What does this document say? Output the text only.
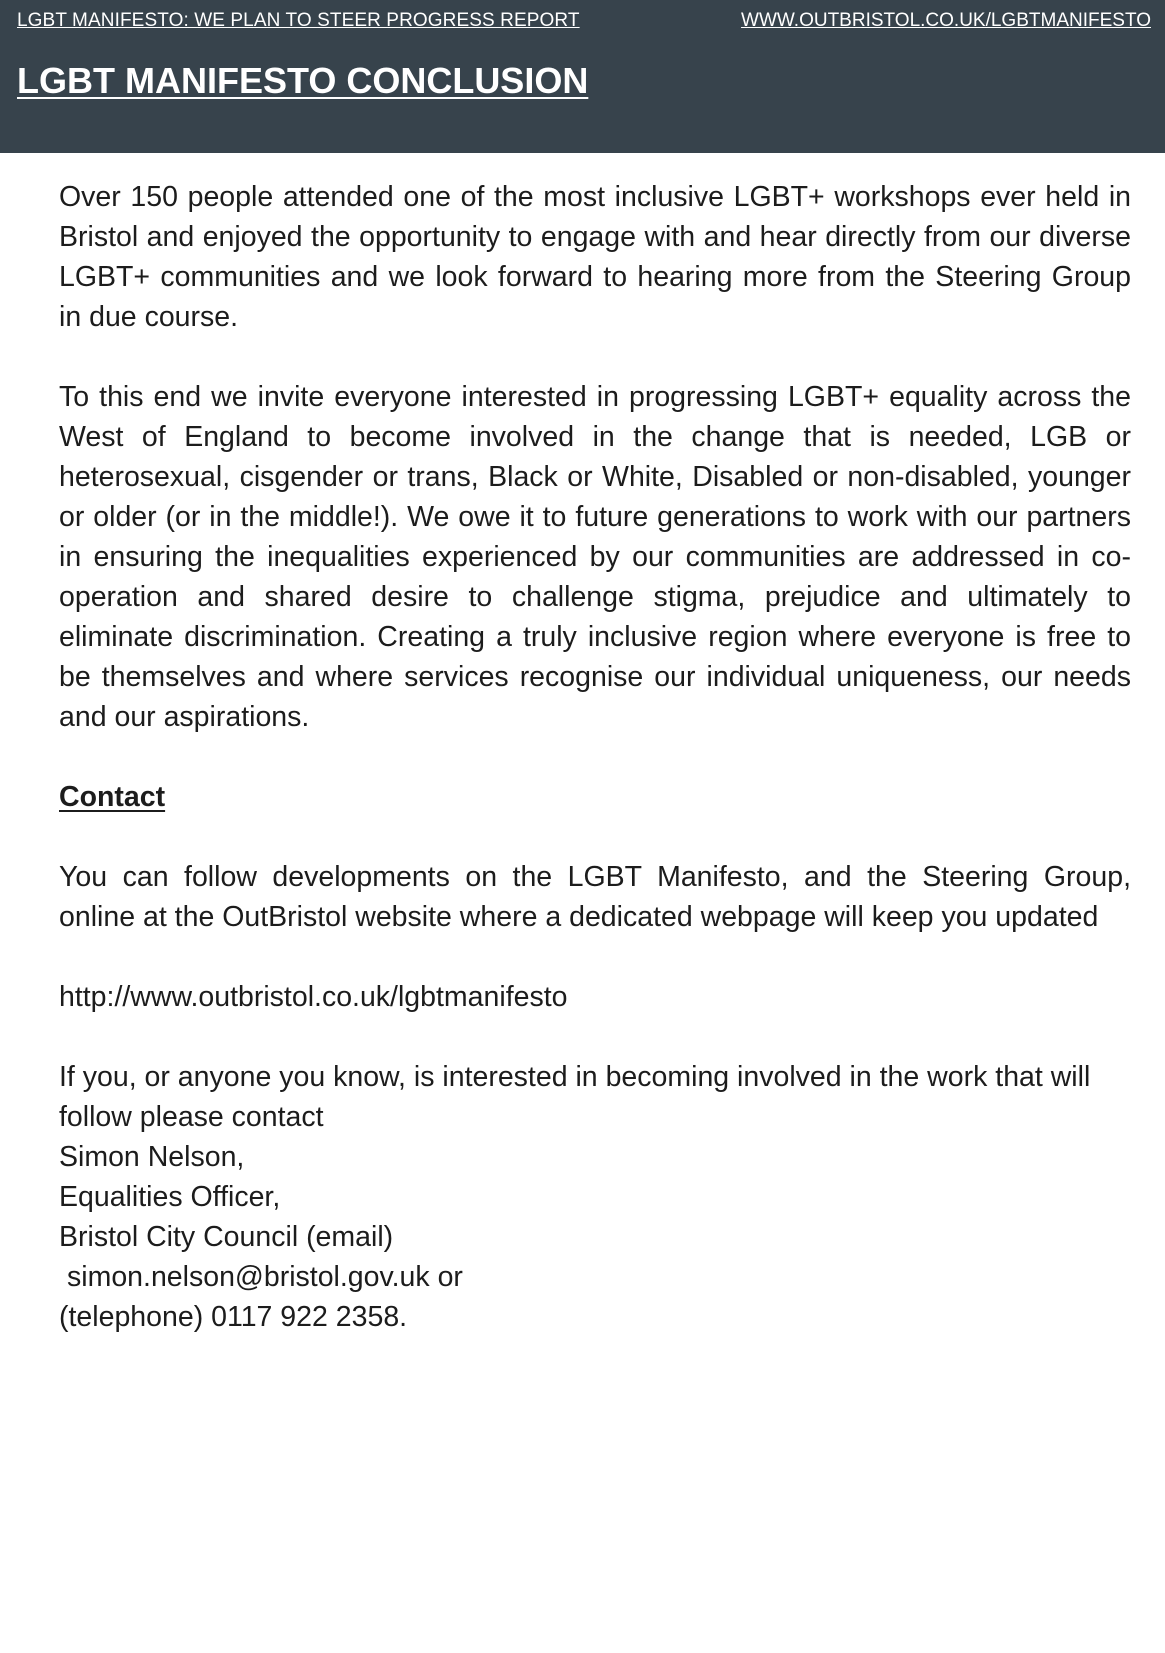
LGBT MANIFESTO: WE PLAN TO STEER PROGRESS REPORT	WWW.OUTBRISTOL.CO.UK/LGBTMANIFESTO
LGBT MANIFESTO CONCLUSION

Over 150 people attended one of the most inclusive LGBT+ workshops ever held in Bristol and enjoyed the opportunity to engage with and hear directly from our diverse LGBT+ communities and we look forward to hearing more from the Steering Group in due course.

To this end we invite everyone interested in progressing LGBT+ equality across the West of England to become involved in the change that is needed, LGB or heterosexual, cisgender or trans, Black or White, Disabled or non-disabled, younger or older (or in the middle!). We owe it to future generations to work with our partners in ensuring the inequalities experienced by our communities are addressed in co-operation and shared desire to challenge stigma, prejudice and ultimately to eliminate discrimination. Creating a truly inclusive region where everyone is free to be themselves and where services recognise our individual uniqueness, our needs and our aspirations.

Contact

You can follow developments on the LGBT Manifesto, and the Steering Group, online at the OutBristol website where a dedicated webpage will keep you updated

http://www.outbristol.co.uk/lgbtmanifesto

If you, or anyone you know, is interested in becoming involved in the work that will follow please contact
Simon Nelson,
Equalities Officer,
Bristol City Council (email)
simon.nelson@bristol.gov.uk or
(telephone) 0117 922 2358.
